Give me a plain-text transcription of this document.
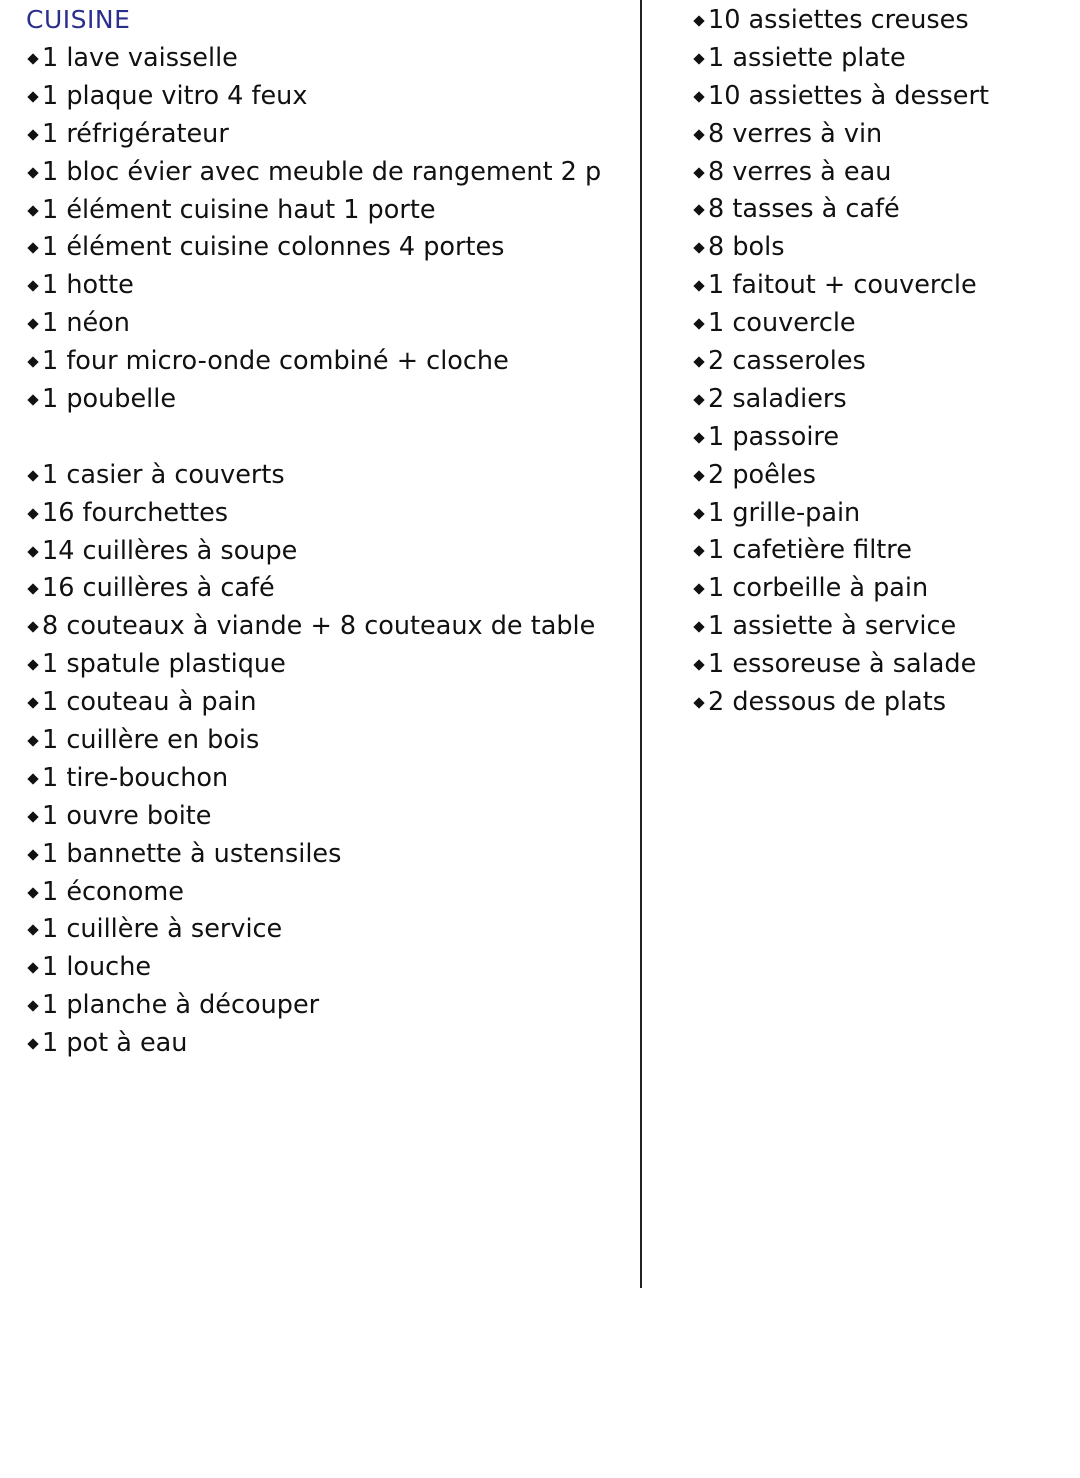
CUISINE
1 lave vaisselle
1 plaque vitro 4 feux
1 réfrigérateur
1 bloc évier avec meuble de rangement 2 p
1 élément cuisine haut 1 porte
1 élément cuisine colonnes 4 portes
1 hotte
1 néon
1 four micro-onde combiné + cloche
1 poubelle
1 casier à couverts
16 fourchettes
14 cuillères à soupe
16 cuillères à café
8 couteaux à viande + 8 couteaux de table
1 spatule plastique
1 couteau à pain
1 cuillère en bois
1 tire-bouchon
1 ouvre boite
1 bannette à ustensiles
1 économe
1 cuillère à service
1 louche
1 planche à découper
1 pot à eau
10 assiettes creuses
1 assiette plate
10 assiettes à dessert
8 verres à vin
8 verres à eau
8 tasses à café
8 bols
1 faitout + couvercle
1 couvercle
2 casseroles
2 saladiers
1 passoire
2 poêles
1 grille-pain
1 cafetière filtre
1 corbeille à pain
1 assiette à service
1 essoreuse à salade
2 dessous de plats
